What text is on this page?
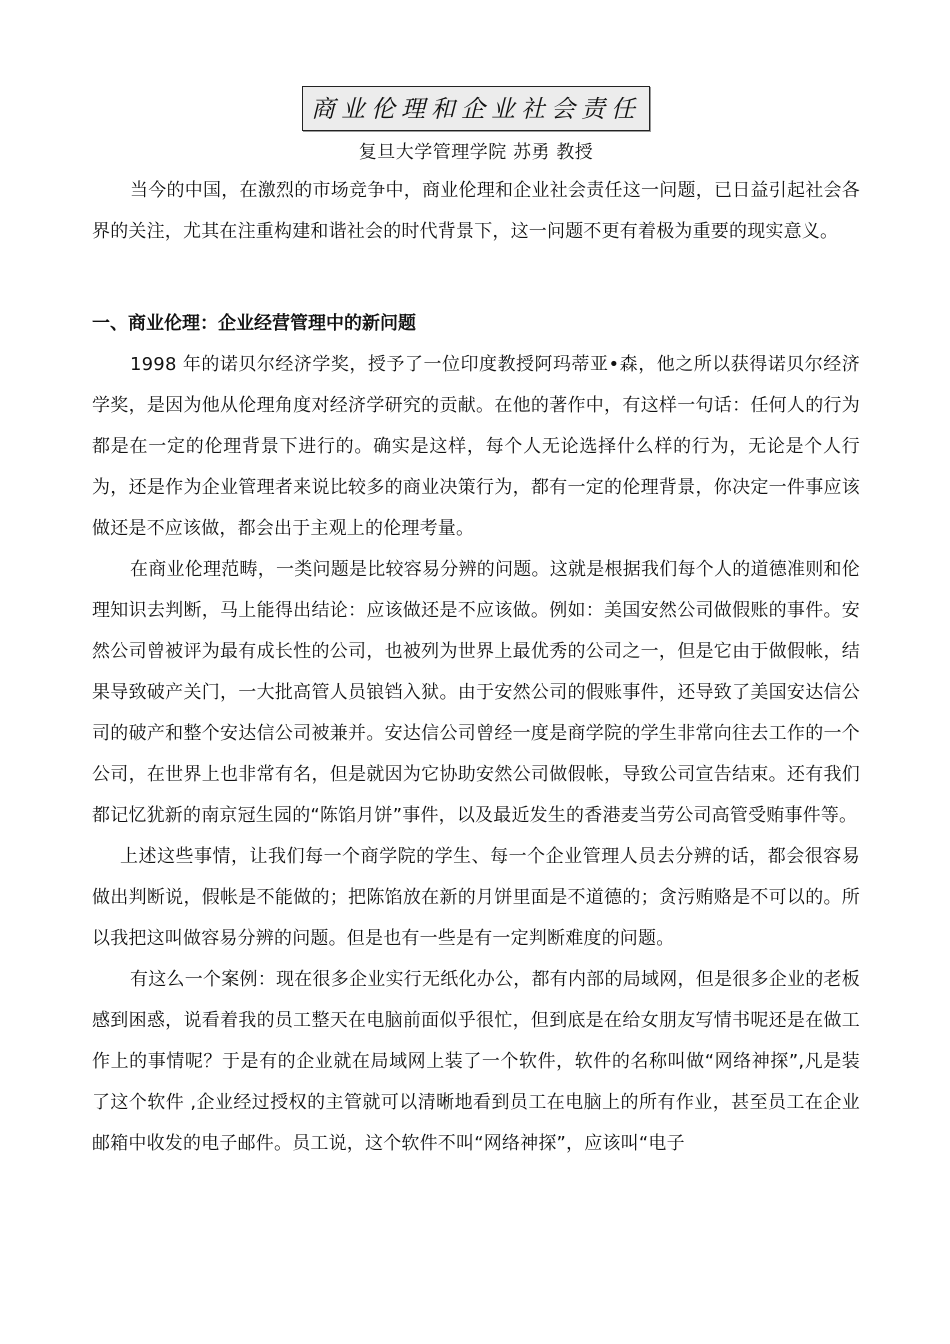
商业伦理和企业社会责任
复旦大学管理学院 苏勇 教授

当今的中国，在激烈的市场竞争中，商业伦理和企业社会责任这一问题，已日益引起社会各界的关注，尤其在注重构建和谐社会的时代背景下，这一问题不更有着极为重要的现实意义。

一、商业伦理：企业经营管理中的新问题

1998 年的诺贝尔经济学奖，授予了一位印度教授阿玛蒂亚•森，他之所以获得诺贝尔经济学奖，是因为他从伦理角度对经济学研究的贡献。在他的著作中，有这样一句话：任何人的行为都是在一定的伦理背景下进行的。确实是这样，每个人无论选择什么样的行为，无论是个人行为，还是作为企业管理者来说比较多的商业决策行为，都有一定的伦理背景，你决定一件事应该做还是不应该做，都会出于主观上的伦理考量。

在商业伦理范畴，一类问题是比较容易分辨的问题。这就是根据我们每个人的道德准则和伦理知识去判断，马上能得出结论：应该做还是不应该做。例如：美国安然公司做假账的事件。安然公司曾被评为最有成长性的公司，也被列为世界上最优秀的公司之一，但是它由于做假帐，结果导致破产关门，一大批高管人员锒铛入狱。由于安然公司的假账事件，还导致了美国安达信公司的破产和整个安达信公司被兼并。安达信公司曾经一度是商学院的学生非常向往去工作的一个公司，在世界上也非常有名，但是就因为它协助安然公司做假帐，导致公司宣告结束。还有我们都记忆犹新的南京冠生园的“陈馅月饼”事件，以及最近发生的香港麦当劳公司高管受贿事件等。

上述这些事情，让我们每一个商学院的学生、每一个企业管理人员去分辨的话，都会很容易做出判断说，假帐是不能做的；把陈馅放在新的月饼里面是不道德的；贪污贿赂是不可以的。所以我把这叫做容易分辨的问题。但是也有一些是有一定判断难度的问题。

有这么一个案例：现在很多企业实行无纸化办公，都有内部的局域网，但是很多企业的老板感到困惑，说看着我的员工整天在电脑前面似乎很忙，但到底是在给女朋友写情书呢还是在做工作上的事情呢？于是有的企业就在局域网上装了一个软件，软件的名称叫做“网络神探”,凡是装了这个软件 ,企业经过授权的主管就可以清晰地看到员工在电脑上的所有作业，甚至员工在企业邮箱中收发的电子邮件。员工说，这个软件不叫“网络神探”，应该叫“电子
